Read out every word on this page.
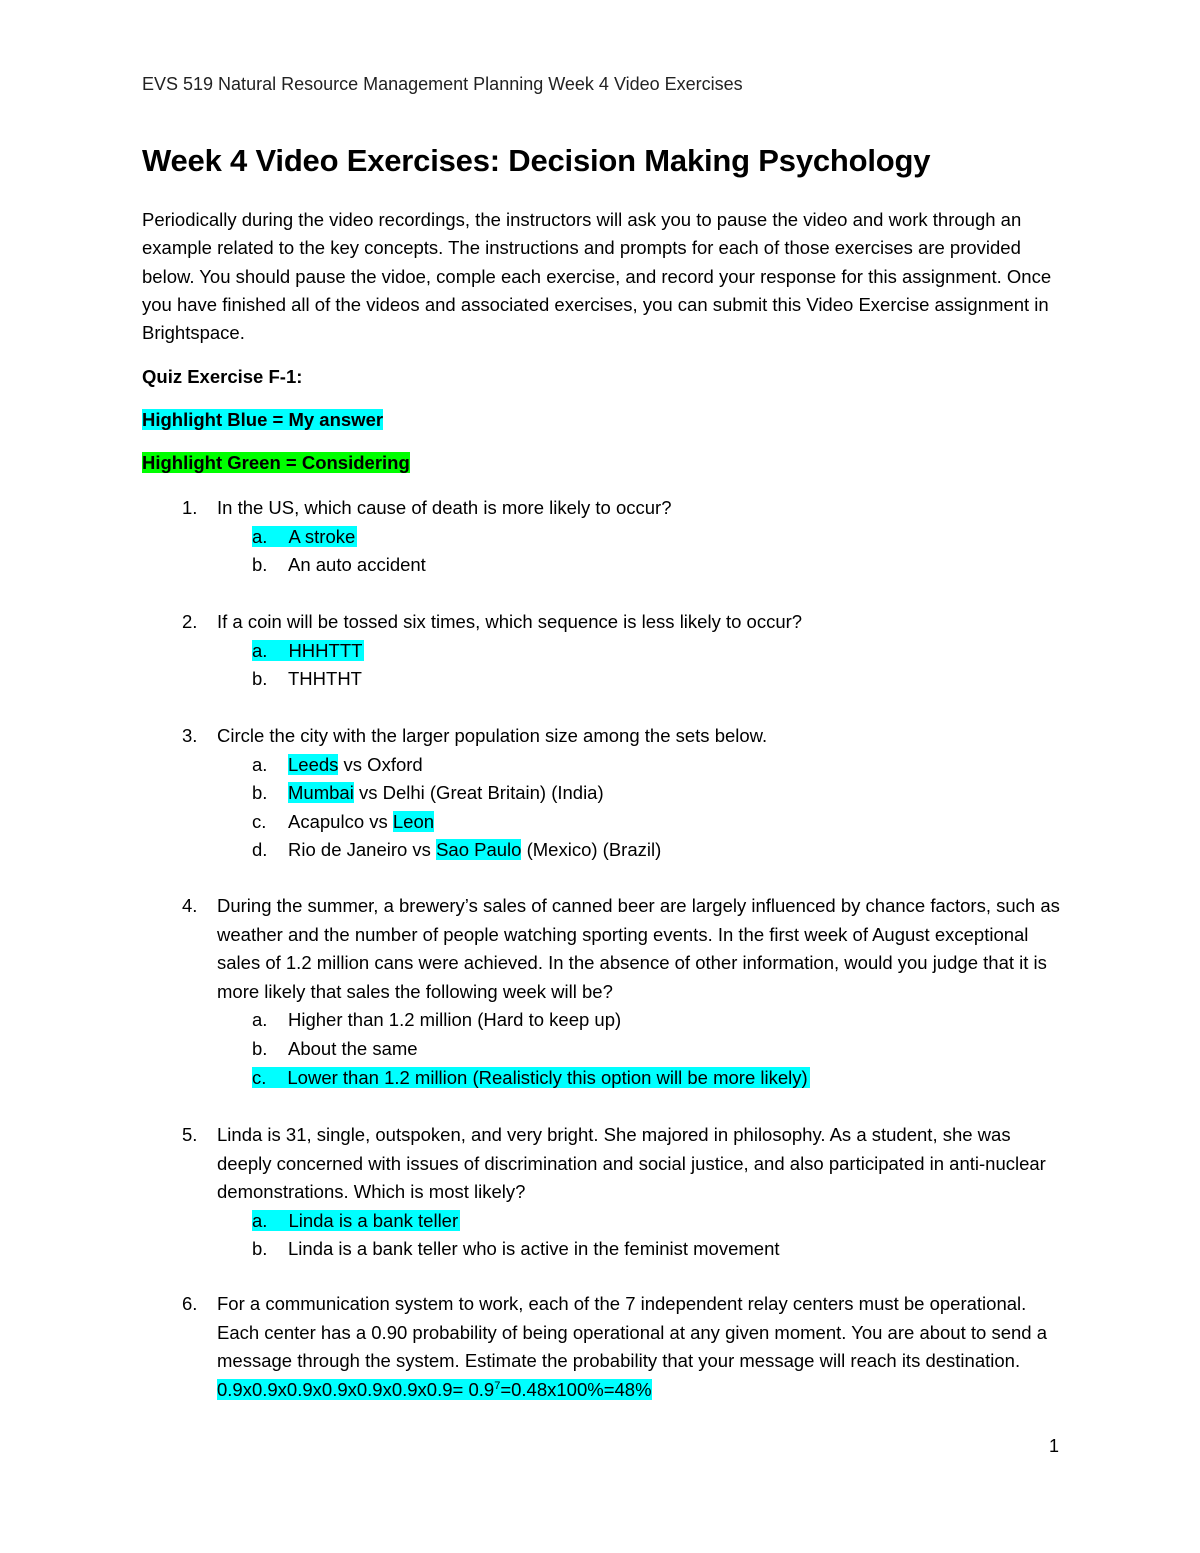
EVS 519 Natural Resource Management Planning Week 4 Video Exercises
Week 4 Video Exercises: Decision Making Psychology
Periodically during the video recordings, the instructors will ask you to pause the video and work through an example related to the key concepts. The instructions and prompts for each of those exercises are provided below. You should pause the vidoe, comple each exercise, and record your response for this assignment. Once you have finished all of the videos and associated exercises, you can submit this Video Exercise assignment in Brightspace.
Quiz Exercise F-1:
Highlight Blue = My answer
Highlight Green = Considering
1. In the US, which cause of death is more likely to occur?
a. A stroke
b.	An auto accident
2. If a coin will be tossed six times, which sequence is less likely to occur?
a. HHHTTT
b.	THHTHT
3. Circle the city with the larger population size among the sets below.
a.	Leeds vs Oxford
b.	Mumbai vs Delhi (Great Britain) (India)
c.	Acapulco vs Leon
d.	Rio de Janeiro vs Sao Paulo (Mexico) (Brazil)
4. During the summer, a brewery’s sales of canned beer are largely influenced by chance factors, such as weather and the number of people watching sporting events. In the first week of August exceptional sales of 1.2 million cans were achieved. In the absence of other information, would you judge that it is more likely that sales the following week will be?
a.	Higher than 1.2 million (Hard to keep up)
b.	About the same
c. Lower than 1.2 million (Realisticly this option will be more likely)
5. Linda is 31, single, outspoken, and very bright. She majored in philosophy. As a student, she was deeply concerned with issues of discrimination and social justice, and also participated in anti-nuclear demonstrations. Which is most likely?
a. Linda is a bank teller
b.	Linda is a bank teller who is active in the feminist movement
6. For a communication system to work, each of the 7 independent relay centers must be operational. Each center has a 0.90 probability of being operational at any given moment. You are about to send a message through the system. Estimate the probability that your message will reach its destination. $0.9x0.9x0.9x0.9x0.9x0.9x0.9= 0.9^7=0.48x100\%=48\%$
1
